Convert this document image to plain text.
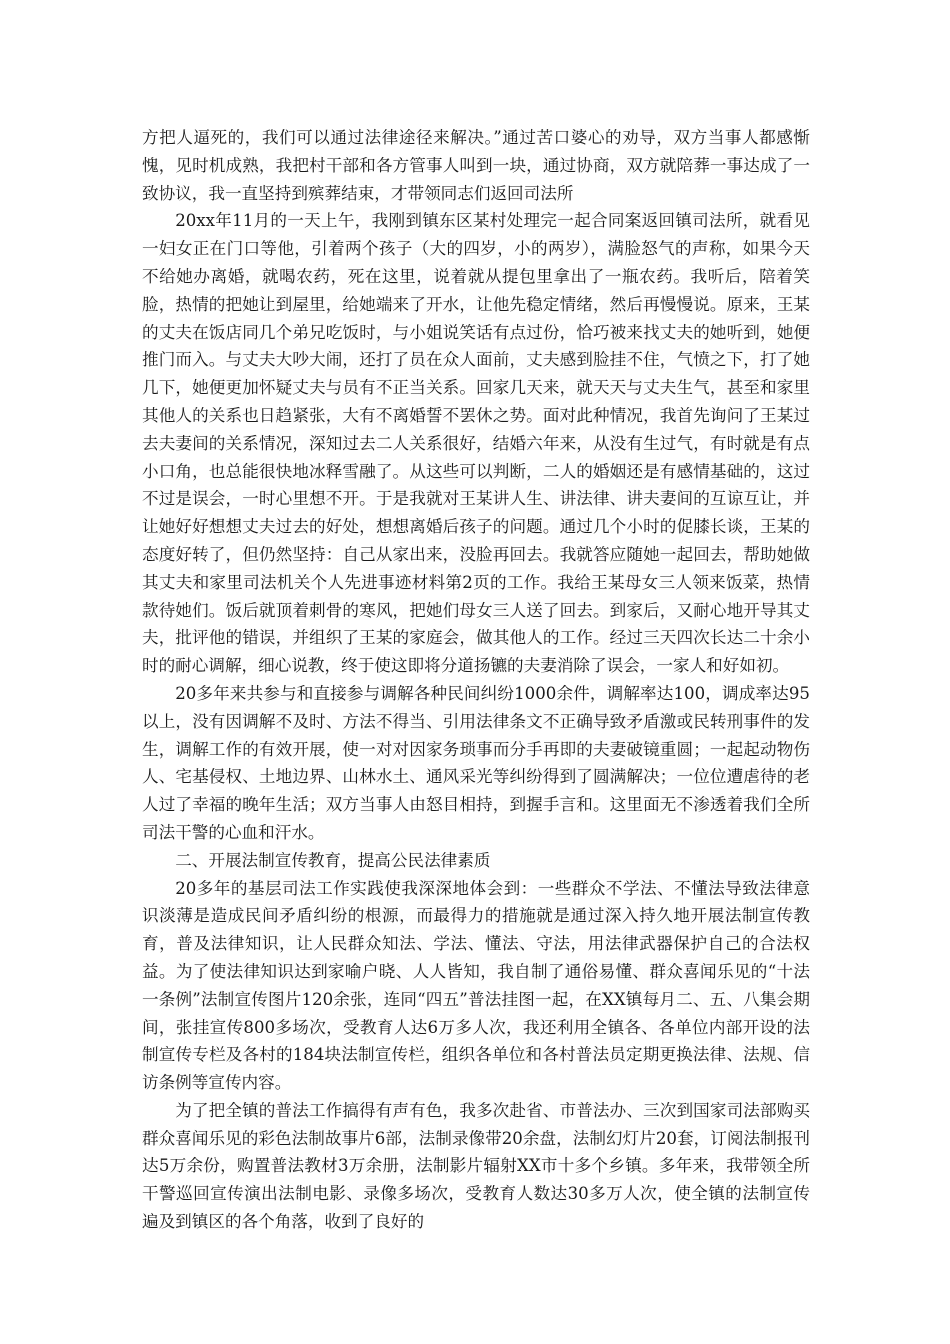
方把人逼死的，我们可以通过法律途径来解决。”通过苦口婆心的劝导，双方当事人都感惭愧，见时机成熟，我把村干部和各方管事人叫到一块，通过协商，双方就陪葬一事达成了一致协议，我一直坚持到殡葬结束，才带领同志们返回司法所

20xx年11月的一天上午，我刚到镇东区某村处理完一起合同案返回镇司法所，就看见一妇女正在门口等他，引着两个孩子（大的四岁，小的两岁），满脸怒气的声称，如果今天不给她办离婚，就喝农药，死在这里，说着就从提包里拿出了一瓶农药。我听后，陪着笑脸，热情的把她让到屋里，给她端来了开水，让他先稳定情绪，然后再慢慢说。原来，王某的丈夫在饭店同几个弟兄吃饭时，与小姐说笑话有点过份，恰巧被来找丈夫的她听到，她便推门而入。与丈夫大吵大闹，还打了员在众人面前，丈夫感到脸挂不住，气愤之下，打了她几下，她便更加怀疑丈夫与员有不正当关系。回家几天来，就天天与丈夫生气，甚至和家里其他人的关系也日趋紧张，大有不离婚誓不罢休之势。面对此种情况，我首先询问了王某过去夫妻间的关系情况，深知过去二人关系很好，结婚六年来，从没有生过气，有时就是有点小口角，也总能很快地冰释雪融了。从这些可以判断，二人的婚姻还是有感情基础的，这过不过是误会，一时心里想不开。于是我就对王某讲人生、讲法律、讲夫妻间的互谅互让，并让她好好想想丈夫过去的好处，想想离婚后孩子的问题。通过几个小时的促膝长谈，王某的态度好转了，但仍然坚持：自己从家出来，没脸再回去。我就答应随她一起回去，帮助她做其丈夫和家里司法机关个人先进事迹材料第2页的工作。我给王某母女三人领来饭菜，热情款待她们。饭后就顶着刺骨的寒风，把她们母女三人送了回去。到家后，又耐心地开导其丈夫，批评他的错误，并组织了王某的家庭会，做其他人的工作。经过三天四次长达二十余小时的耐心调解，细心说教，终于使这即将分道扬镳的夫妻消除了误会，一家人和好如初。

20多年来共参与和直接参与调解各种民间纠纷1000余件，调解率达100，调成率达95以上，没有因调解不及时、方法不得当、引用法律条文不正确导致矛盾激或民转刑事件的发生，调解工作的有效开展，使一对对因家务琐事而分手再即的夫妻破镜重圆；一起起动物伤人、宅基侵权、土地边界、山林水土、通风采光等纠纷得到了圆满解决；一位位遭虐待的老人过了幸福的晚年生活；双方当事人由怒目相持，到握手言和。这里面无不渗透着我们全所司法干警的心血和汗水。

二、开展法制宣传教育，提高公民法律素质

20多年的基层司法工作实践使我深深地体会到：一些群众不学法、不懂法导致法律意识淡薄是造成民间矛盾纠纷的根源，而最得力的措施就是通过深入持久地开展法制宣传教育，普及法律知识，让人民群众知法、学法、懂法、守法，用法律武器保护自己的合法权益。为了使法律知识达到家喻户晓、人人皆知，我自制了通俗易懂、群众喜闻乐见的“十法一条例”法制宣传图片120余张，连同“四五”普法挂图一起，在XX镇每月二、五、八集会期间，张挂宣传800多场次，受教育人达6万多人次，我还利用全镇各、各单位内部开设的法制宣传专栏及各村的184块法制宣传栏，组织各单位和各村普法员定期更换法律、法规、信访条例等宣传内容。

为了把全镇的普法工作搞得有声有色，我多次赴省、市普法办、三次到国家司法部购买群众喜闻乐见的彩色法制故事片6部，法制录像带20余盘，法制幻灯片20套，订阅法制报刊达5万余份，购置普法教材3万余册，法制影片辐射XX市十多个乡镇。多年来，我带领全所干警巡回宣传演出法制电影、录像多场次，受教育人数达30多万人次，使全镇的法制宣传遍及到镇区的各个角落，收到了良好的
